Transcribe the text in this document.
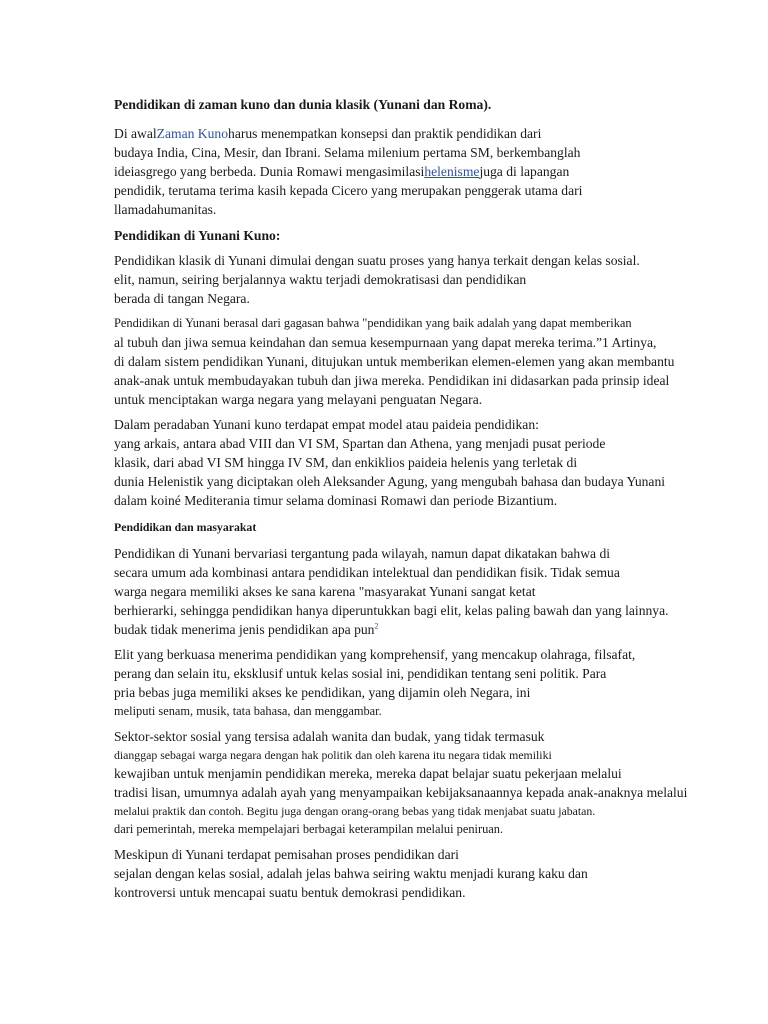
Pendidikan di zaman kuno dan dunia klasik (Yunani dan Roma).
Di awalZaman Kunoharus menempatkan konsepsi dan praktik pendidikan dari
budaya India, Cina, Mesir, dan Ibrani. Selama milenium pertama SM, berkembanglah
ideiasgrego yang berbeda. Dunia Romawi mengasimilasihelenismejuga di lapangan
pendidik, terutama terima kasih kepada Cicero yang merupakan penggerak utama dari
llamadahumanitas.
Pendidikan di Yunani Kuno:
Pendidikan klasik di Yunani dimulai dengan suatu proses yang hanya terkait dengan kelas sosial.
elit, namun, seiring berjalannya waktu terjadi demokratisasi dan pendidikan
berada di tangan Negara.
Pendidikan di Yunani berasal dari gagasan bahwa "pendidikan yang baik adalah yang dapat memberikan
al tubuh dan jiwa semua keindahan dan semua kesempurnaan yang dapat mereka terima.”1 Artinya,
di dalam sistem pendidikan Yunani, ditujukan untuk memberikan elemen-elemen yang akan membantu
anak-anak untuk membudayakan tubuh dan jiwa mereka. Pendidikan ini didasarkan pada prinsip ideal
untuk menciptakan warga negara yang melayani penguatan Negara.
Dalam peradaban Yunani kuno terdapat empat model atau paideia pendidikan:
yang arkais, antara abad VIII dan VI SM, Spartan dan Athena, yang menjadi pusat periode
klasik, dari abad VI SM hingga IV SM, dan enkiklios paideia helenis yang terletak di
dunia Helenistik yang diciptakan oleh Aleksander Agung, yang mengubah bahasa dan budaya Yunani
dalam koiné Mediterania timur selama dominasi Romawi dan periode Bizantium.
Pendidikan dan masyarakat
Pendidikan di Yunani bervariasi tergantung pada wilayah, namun dapat dikatakan bahwa di
secara umum ada kombinasi antara pendidikan intelektual dan pendidikan fisik. Tidak semua
warga negara memiliki akses ke sana karena "masyarakat Yunani sangat ketat
berhierarki, sehingga pendidikan hanya diperuntukkan bagi elit, kelas paling bawah dan yang lainnya.
budak tidak menerima jenis pendidikan apa pun$^2$
Elit yang berkuasa menerima pendidikan yang komprehensif, yang mencakup olahraga, filsafat,
perang dan selain itu, eksklusif untuk kelas sosial ini, pendidikan tentang seni politik. Para
pria bebas juga memiliki akses ke pendidikan, yang dijamin oleh Negara, ini
meliputi senam, musik, tata bahasa, dan menggambar.
Sektor-sektor sosial yang tersisa adalah wanita dan budak, yang tidak termasuk
dianggap sebagai warga negara dengan hak politik dan oleh karena itu negara tidak memiliki
kewajiban untuk menjamin pendidikan mereka, mereka dapat belajar suatu pekerjaan melalui
tradisi lisan, umumnya adalah ayah yang menyampaikan kebijaksanaannya kepada anak-anaknya melalui
melalui praktik dan contoh. Begitu juga dengan orang-orang bebas yang tidak menjabat suatu jabatan.
dari pemerintah, mereka mempelajari berbagai keterampilan melalui peniruan.
Meskipun di Yunani terdapat pemisahan proses pendidikan dari
sejalan dengan kelas sosial, adalah jelas bahwa seiring waktu menjadi kurang kaku dan
kontroversi untuk mencapai suatu bentuk demokrasi pendidikan.
